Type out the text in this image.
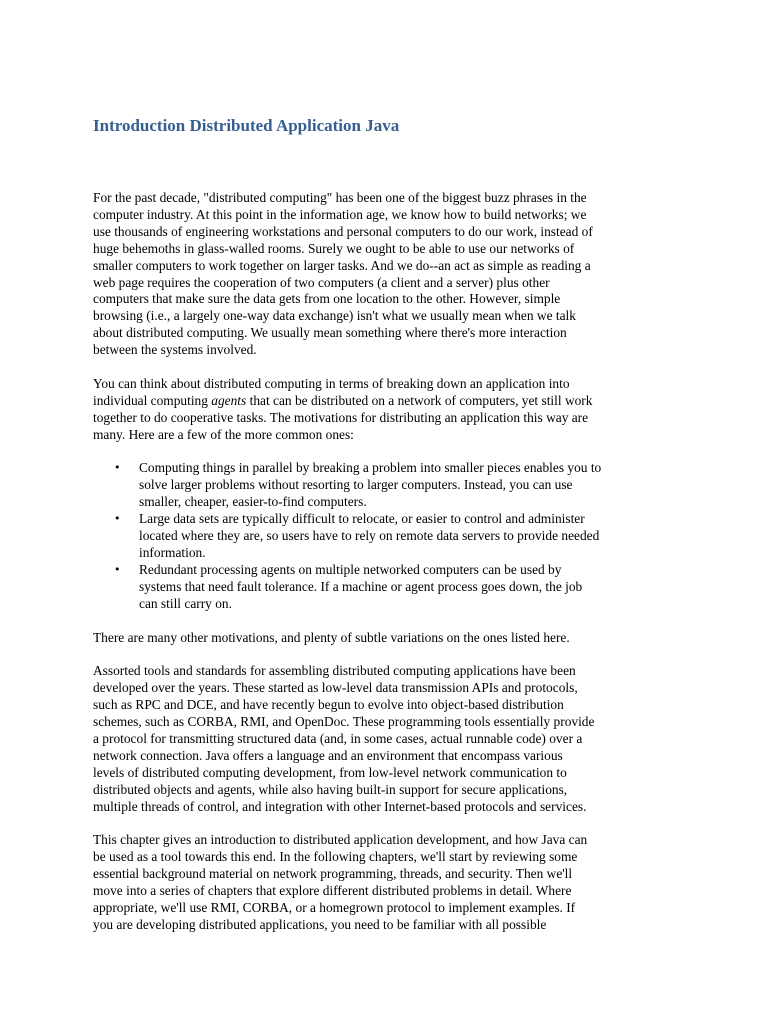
Introduction Distributed Application Java

For the past decade, "distributed computing" has been one of the biggest buzz phrases in the
computer industry. At this point in the information age, we know how to build networks; we
use thousands of engineering workstations and personal computers to do our work, instead of
huge behemoths in glass-walled rooms. Surely we ought to be able to use our networks of
smaller computers to work together on larger tasks. And we do--an act as simple as reading a
web page requires the cooperation of two computers (a client and a server) plus other
computers that make sure the data gets from one location to the other. However, simple
browsing (i.e., a largely one-way data exchange) isn't what we usually mean when we talk
about distributed computing. We usually mean something where there's more interaction
between the systems involved.

You can think about distributed computing in terms of breaking down an application into
individual computing agents that can be distributed on a network of computers, yet still work
together to do cooperative tasks. The motivations for distributing an application this way are
many. Here are a few of the more common ones:

• Computing things in parallel by breaking a problem into smaller pieces enables you to
solve larger problems without resorting to larger computers. Instead, you can use
smaller, cheaper, easier-to-find computers.
• Large data sets are typically difficult to relocate, or easier to control and administer
located where they are, so users have to rely on remote data servers to provide needed
information.
• Redundant processing agents on multiple networked computers can be used by
systems that need fault tolerance. If a machine or agent process goes down, the job
can still carry on.

There are many other motivations, and plenty of subtle variations on the ones listed here.

Assorted tools and standards for assembling distributed computing applications have been
developed over the years. These started as low-level data transmission APIs and protocols,
such as RPC and DCE, and have recently begun to evolve into object-based distribution
schemes, such as CORBA, RMI, and OpenDoc. These programming tools essentially provide
a protocol for transmitting structured data (and, in some cases, actual runnable code) over a
network connection. Java offers a language and an environment that encompass various
levels of distributed computing development, from low-level network communication to
distributed objects and agents, while also having built-in support for secure applications,
multiple threads of control, and integration with other Internet-based protocols and services.

This chapter gives an introduction to distributed application development, and how Java can
be used as a tool towards this end. In the following chapters, we'll start by reviewing some
essential background material on network programming, threads, and security. Then we'll
move into a series of chapters that explore different distributed problems in detail. Where
appropriate, we'll use RMI, CORBA, or a homegrown protocol to implement examples. If
you are developing distributed applications, you need to be familiar with all possible
